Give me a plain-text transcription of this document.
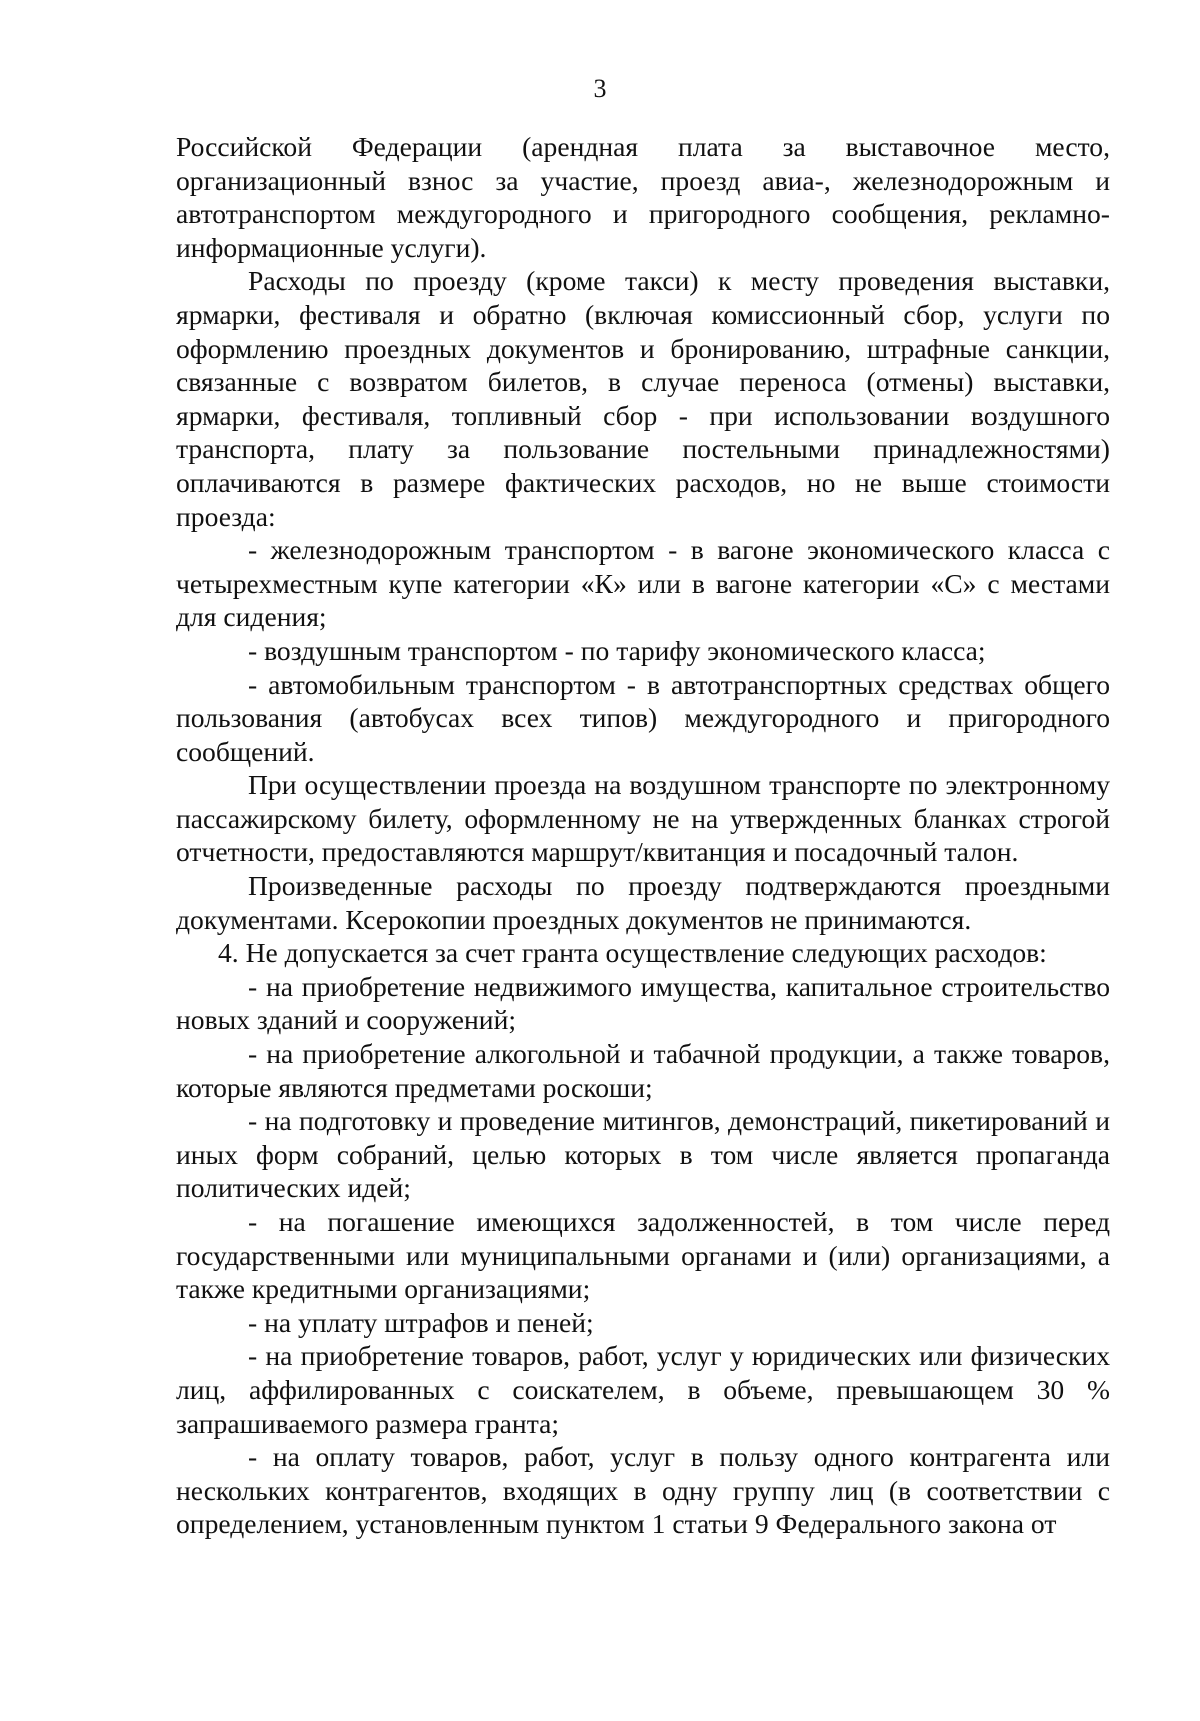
3

Российской Федерации (арендная плата за выставочное место, организационный взнос за участие, проезд авиа-, железнодорожным и автотранспортом междугородного и пригородного сообщения, рекламно-информационные услуги).

Расходы по проезду (кроме такси) к месту проведения выставки, ярмарки, фестиваля и обратно (включая комиссионный сбор, услуги по оформлению проездных документов и бронированию, штрафные санкции, связанные с возвратом билетов, в случае переноса (отмены) выставки, ярмарки, фестиваля, топливный сбор - при использовании воздушного транспорта, плату за пользование постельными принадлежностями) оплачиваются в размере фактических расходов, но не выше стоимости проезда:

- железнодорожным транспортом - в вагоне экономического класса с четырехместным купе категории «К» или в вагоне категории «С» с местами для сидения;

- воздушным транспортом - по тарифу экономического класса;

- автомобильным транспортом - в автотранспортных средствах общего пользования (автобусах всех типов) междугородного и пригородного сообщений.

При осуществлении проезда на воздушном транспорте по электронному пассажирскому билету, оформленному не на утвержденных бланках строгой отчетности, предоставляются маршрут/квитанция и посадочный талон.

Произведенные расходы по проезду подтверждаются проездными документами. Ксерокопии проездных документов не принимаются.

4. Не допускается за счет гранта осуществление следующих расходов:

- на приобретение недвижимого имущества, капитальное строительство новых зданий и сооружений;

- на приобретение алкогольной и табачной продукции, а также товаров, которые являются предметами роскоши;

- на подготовку и проведение митингов, демонстраций, пикетирований и иных форм собраний, целью которых в том числе является пропаганда политических идей;

- на погашение имеющихся задолженностей, в том числе перед государственными или муниципальными органами и (или) организациями, а также кредитными организациями;

- на уплату штрафов и пеней;

- на приобретение товаров, работ, услуг у юридических или физических лиц, аффилированных с соискателем, в объеме, превышающем 30 % запрашиваемого размера гранта;

- на оплату товаров, работ, услуг в пользу одного контрагента или нескольких контрагентов, входящих в одну группу лиц (в соответствии с определением, установленным пунктом 1 статьи 9 Федерального закона от
